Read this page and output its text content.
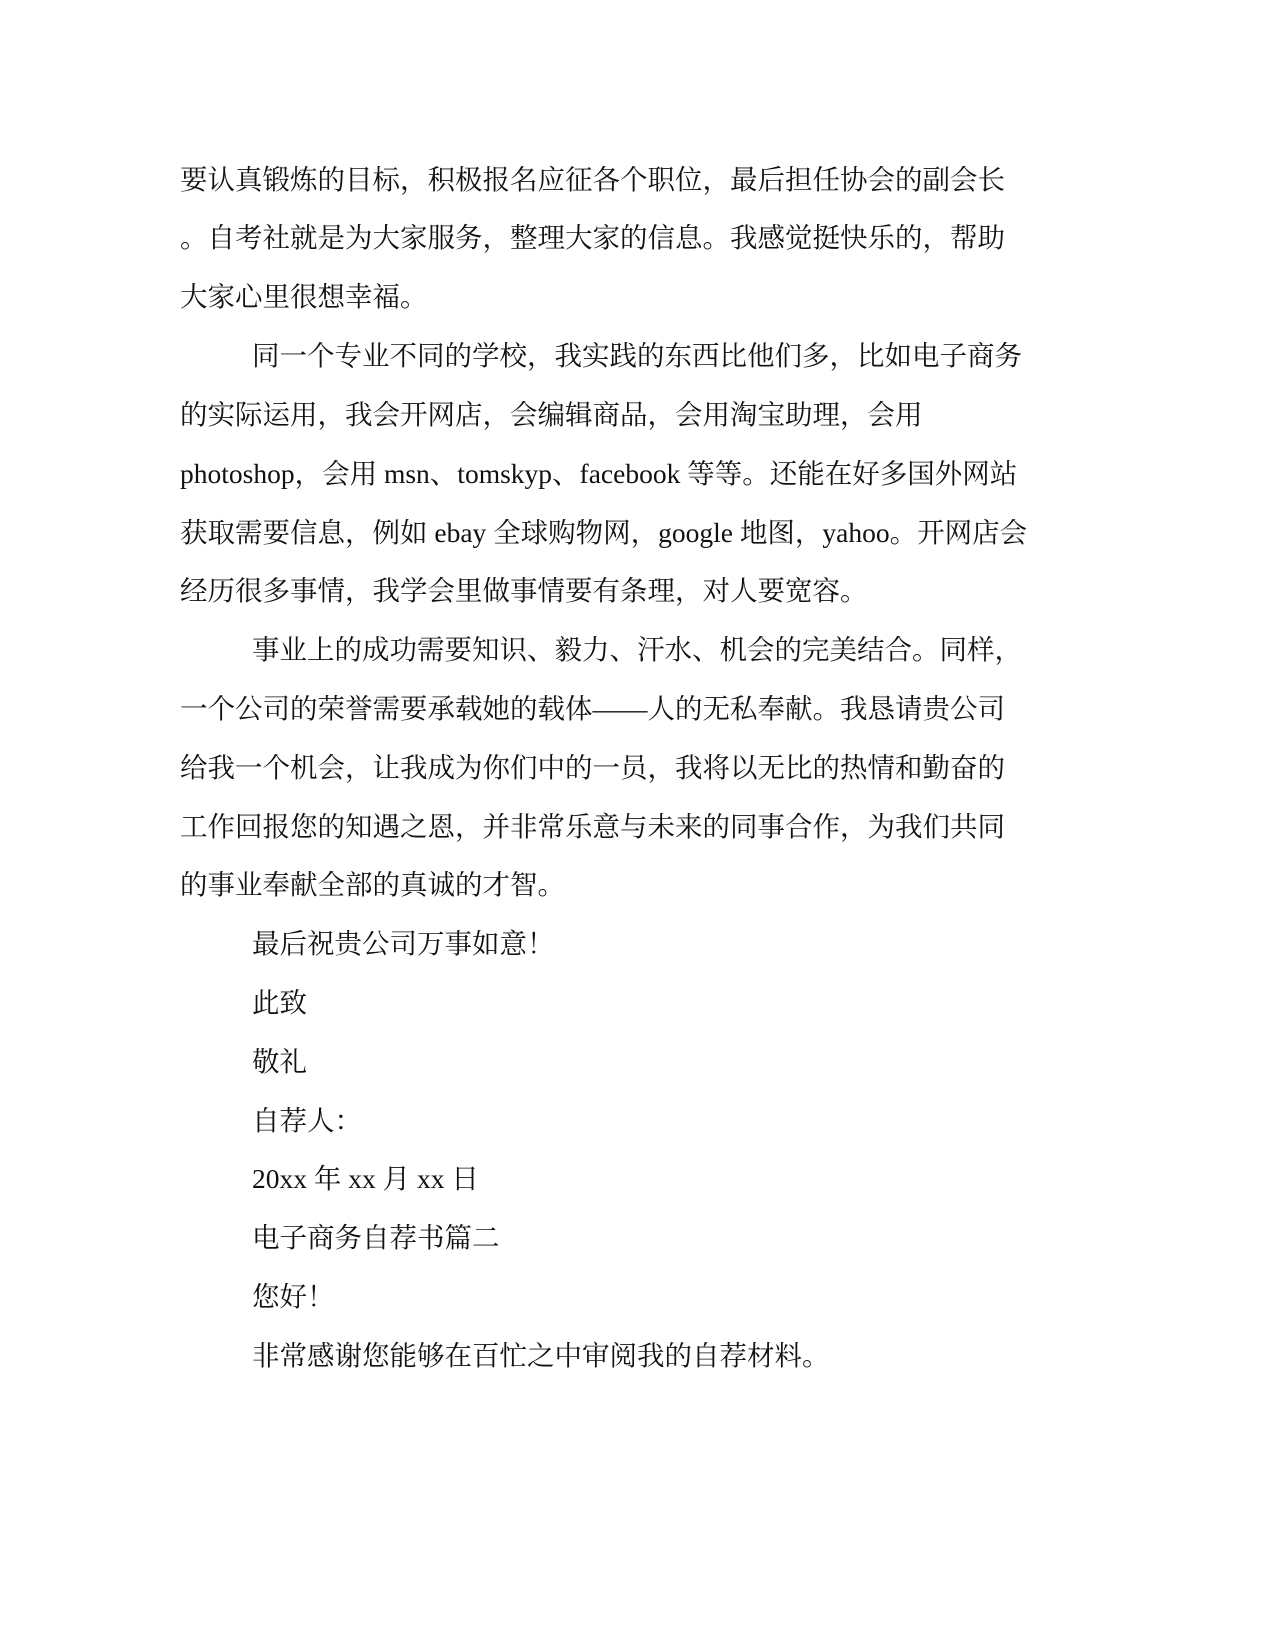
要认真锻炼的目标，积极报名应征各个职位，最后担任协会的副会长
。自考社就是为大家服务，整理大家的信息。我感觉挺快乐的，帮助
大家心里很想幸福。
同一个专业不同的学校，我实践的东西比他们多，比如电子商务
的实际运用，我会开网店，会编辑商品，会用淘宝助理，会用
photoshop，会用 msn、tomskyp、facebook 等等。还能在好多国外网站
获取需要信息，例如 ebay 全球购物网，google 地图，yahoo。开网店会
经历很多事情，我学会里做事情要有条理，对人要宽容。
事业上的成功需要知识、毅力、汗水、机会的完美结合。同样，
一个公司的荣誉需要承载她的载体——人的无私奉献。我恳请贵公司
给我一个机会，让我成为你们中的一员，我将以无比的热情和勤奋的
工作回报您的知遇之恩，并非常乐意与未来的同事合作，为我们共同
的事业奉献全部的真诚的才智。
最后祝贵公司万事如意！
此致
敬礼
自荐人：
20xx 年 xx 月 xx 日
电子商务自荐书篇二
您好！
非常感谢您能够在百忙之中审阅我的自荐材料。
